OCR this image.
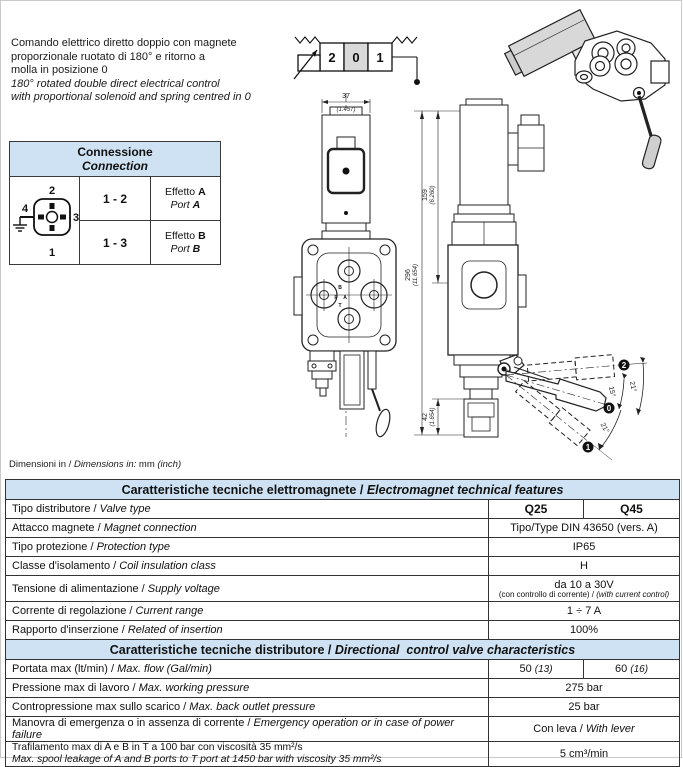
Comando elettrico diretto doppio con magnete
proporzionale ruotato di 180° e ritorno a
molla in posizione 0
180° rotated double direct electrical control
with proportional solenoid and spring centred in 0
2 0 1
Connessione
Connection		

2
3
1
4	1 - 2	Effetto A
Port A
	1 - 3	Effetto B
Port B
37
(1.457)
B
P A
T
296 (11.654)
159 (6.260)
42 (1.654)
15° 21°
21°
2
0
1
Dimensioni in / Dimensions in: mm (inch)
Caratteristiche tecniche elettromagnete / Electromagnet technical features		
Tipo distributore / Valve type	Q25	Q45
Attacco magnete / Magnet connection	Tipo/Type DIN 43650 (vers. A)	
Tipo protezione / Protection type	IP65	
Classe d'isolamento / Coil insulation class	H	
Tensione di alimentazione / Supply voltage	da 10 a 30V
(con controllo di corrente) / (with current control)	

Corrente di regolazione / Current range	1 ÷ 7 A	
Rapporto d'inserzione / Related of insertion	100%	
Caratteristiche tecniche distributore / Directional  control valve characteristics		
Portata max (lt/min) / Max. flow (Gal/min)	50 (13)	60 (16)
Pressione max di lavoro / Max. working pressure	275 bar	
Contropressione max sullo scarico / Max. back outlet pressure	25 bar	
Manovra di emergenza o in assenza di corrente / Emergency operation or in case of power failure	Con leva / With lever	
Trafilamento max di A e B in T a 100 bar con viscosità 35 mm²/s
Max. spool leakage of A and B ports to T port at 1450 bar with viscosity 35 mm²/s	5 cm³/min	
